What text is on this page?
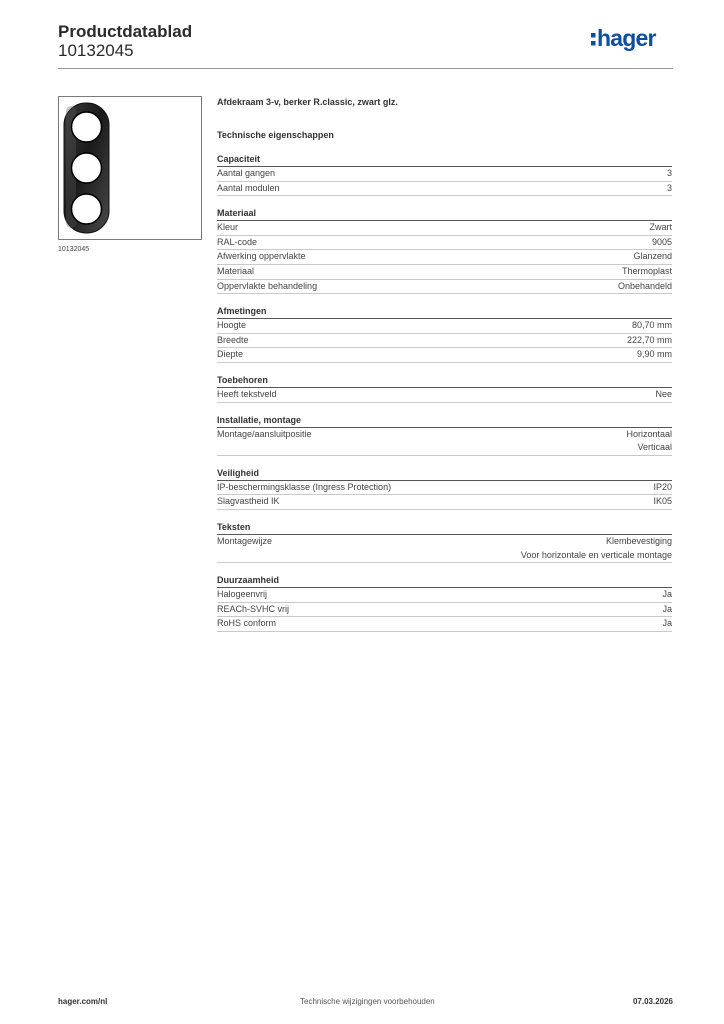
Productdatablad
10132045	hager
10132045
Afdekraam 3-v, berker R.classic, zwart glz.
Technische eigenschappen
Capaciteit
Aantal gangen	3
Aantal modulen	3
Materiaal
Kleur	Zwart
RAL-code	9005
Afwerking oppervlakte	Glanzend
Materiaal	Thermoplast
Oppervlakte behandeling	Onbehandeld
Afmetingen
Hoogte	80,70 mm
Breedte	222,70 mm
Diepte	9,90 mm
Toebehoren
Heeft tekstveld	Nee
Installatie, montage
Montage/aansluitpositie	Horizontaal
Verticaal
Veiligheid
IP-beschermingsklasse (Ingress Protection)	IP20
Slagvastheid IK	IK05
Teksten
Montagewijze	Klembevestiging
Voor horizontale en verticale montage
Duurzaamheid
Halogeenvrij	Ja
REACh-SVHC vrij	Ja
RoHS conform	Ja
hager.com/nl	Technische wijzigingen voorbehouden	07.03.2026
